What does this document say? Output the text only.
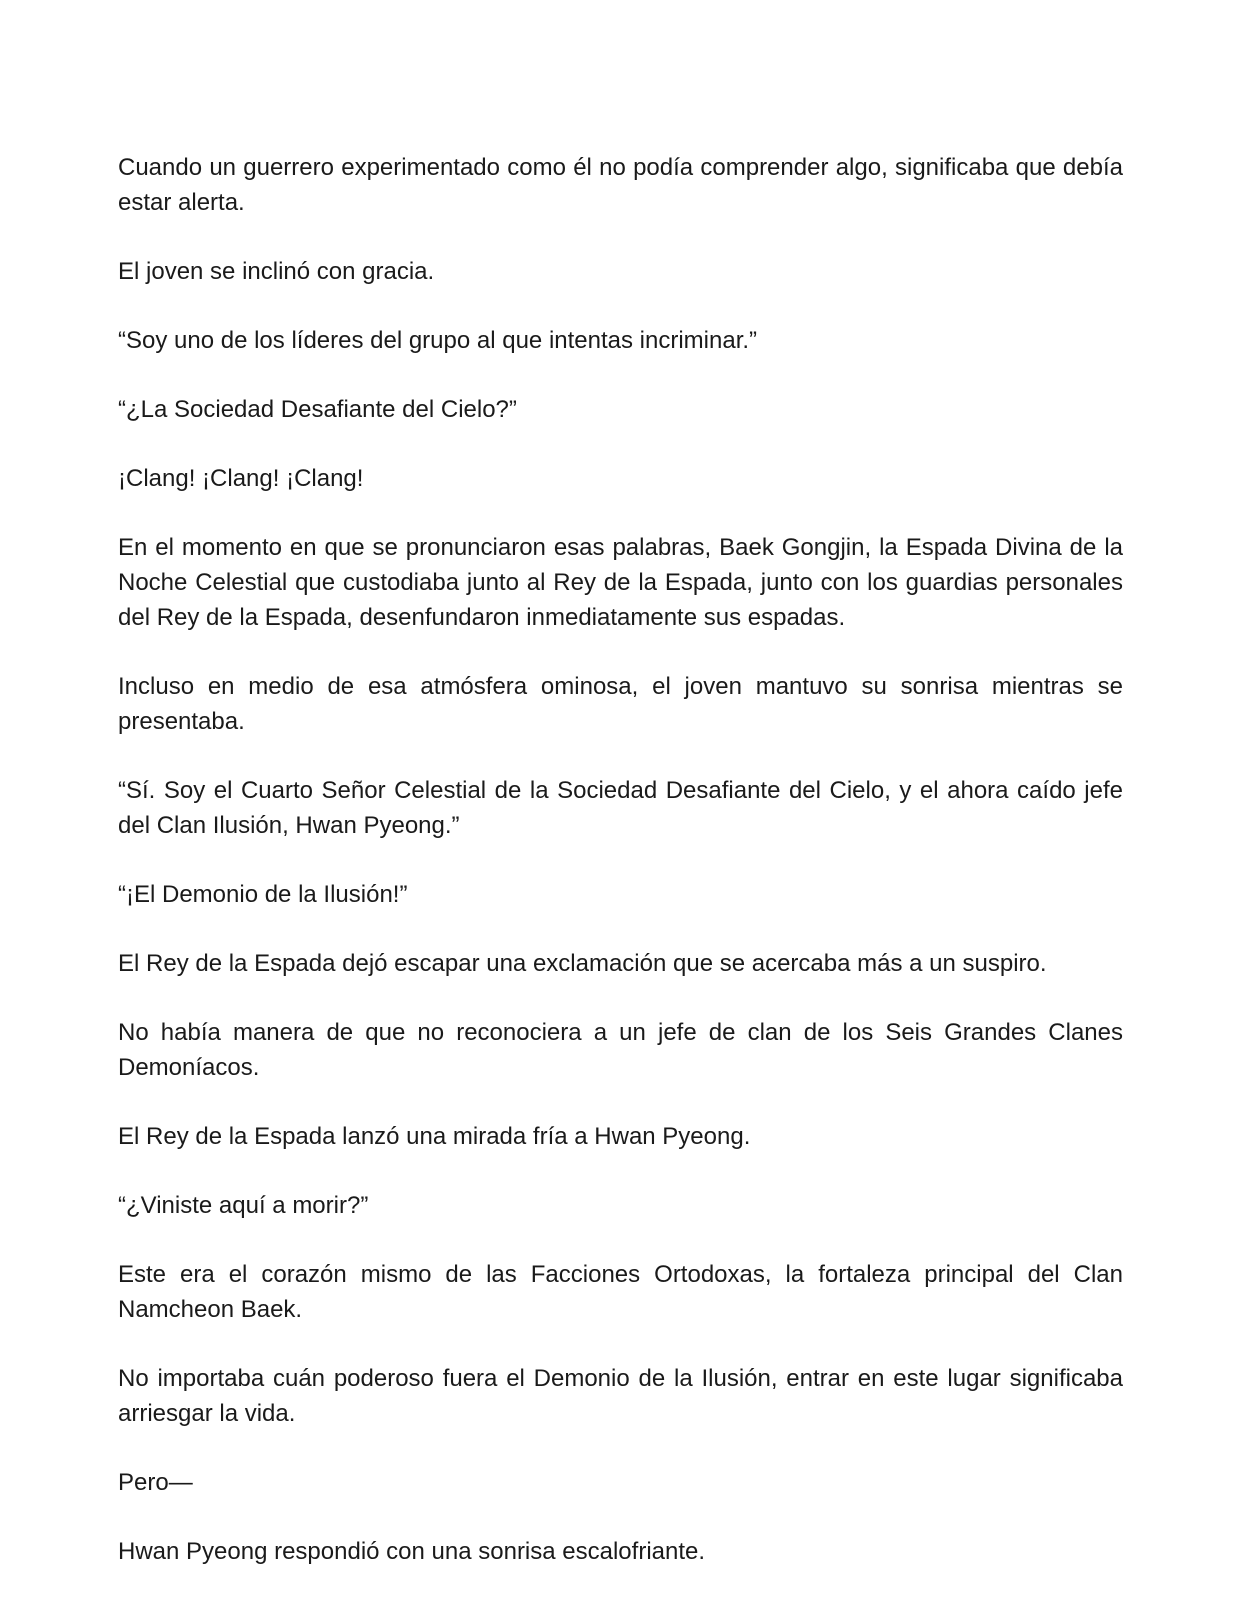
Cuando un guerrero experimentado como él no podía comprender algo, significaba que debía estar alerta.

El joven se inclinó con gracia.

“Soy uno de los líderes del grupo al que intentas incriminar.”

“¿La Sociedad Desafiante del Cielo?”

¡Clang! ¡Clang! ¡Clang!

En el momento en que se pronunciaron esas palabras, Baek Gongjin, la Espada Divina de la Noche Celestial que custodiaba junto al Rey de la Espada, junto con los guardias personales del Rey de la Espada, desenfundaron inmediatamente sus espadas.

Incluso en medio de esa atmósfera ominosa, el joven mantuvo su sonrisa mientras se presentaba.

“Sí. Soy el Cuarto Señor Celestial de la Sociedad Desafiante del Cielo, y el ahora caído jefe del Clan Ilusión, Hwan Pyeong.”

“¡El Demonio de la Ilusión!”

El Rey de la Espada dejó escapar una exclamación que se acercaba más a un suspiro.

No había manera de que no reconociera a un jefe de clan de los Seis Grandes Clanes Demoníacos.

El Rey de la Espada lanzó una mirada fría a Hwan Pyeong.

“¿Viniste aquí a morir?”

Este era el corazón mismo de las Facciones Ortodoxas, la fortaleza principal del Clan Namcheon Baek.

No importaba cuán poderoso fuera el Demonio de la Ilusión, entrar en este lugar significaba arriesgar la vida.

Pero—

Hwan Pyeong respondió con una sonrisa escalofriante.
